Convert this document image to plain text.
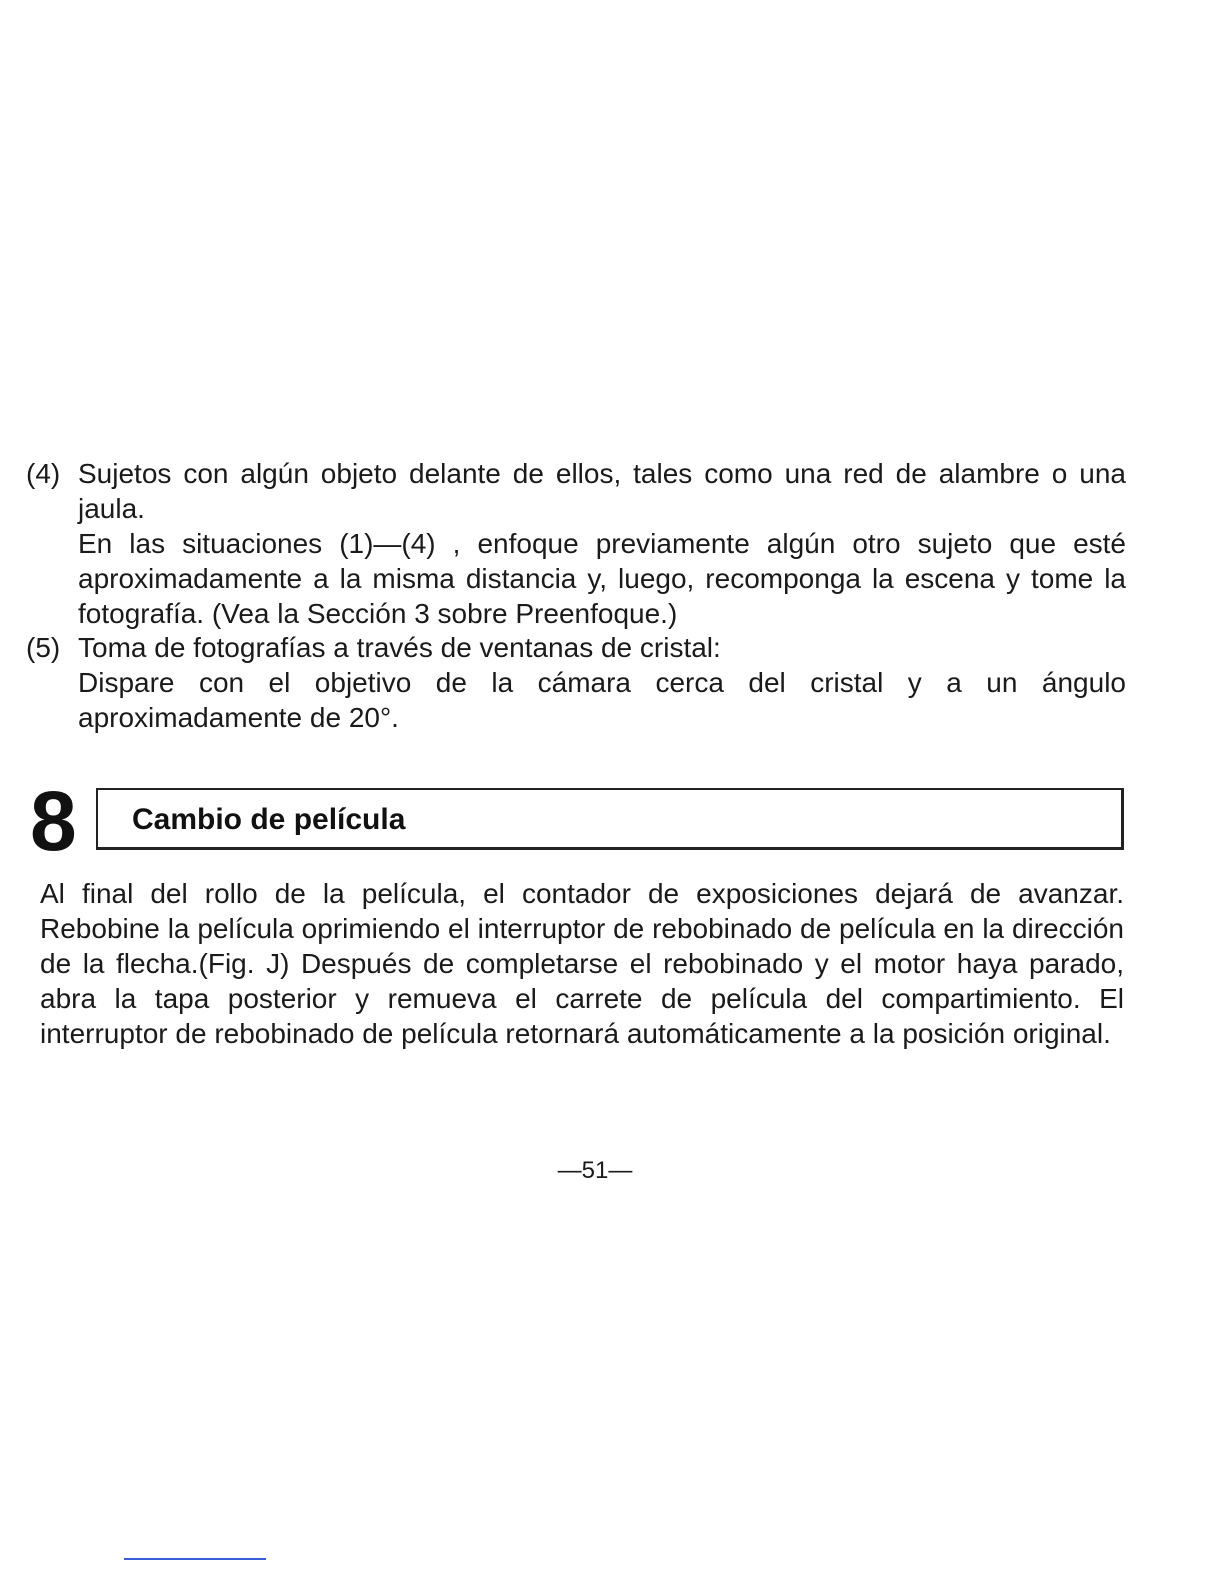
(4) Sujetos con algún objeto delante de ellos, tales como una red de alambre o una jaula.

En las situaciones (1)—(4) , enfoque previamente algún otro sujeto que esté aproximadamente a la misma distancia y, luego, recomponga la escena y tome la fotografía. (Vea la Sección 3 sobre Preenfoque.)

(5) Toma de fotografías a través de ventanas de cristal:

Dispare con el objetivo de la cámara cerca del cristal y a un ángulo aproximadamente de 20°.

8 Cambio de película

Al final del rollo de la película, el contador de exposiciones dejará de avanzar. Rebobine la película oprimiendo el interruptor de rebobinado de película en la dirección de la flecha.(Fig. J) Después de completarse el rebobinado y el motor haya parado, abra la tapa posterior y remueva el carrete de película del compartimiento. El interruptor de rebobinado de película retornará automáticamente a la posición original.

—51—
